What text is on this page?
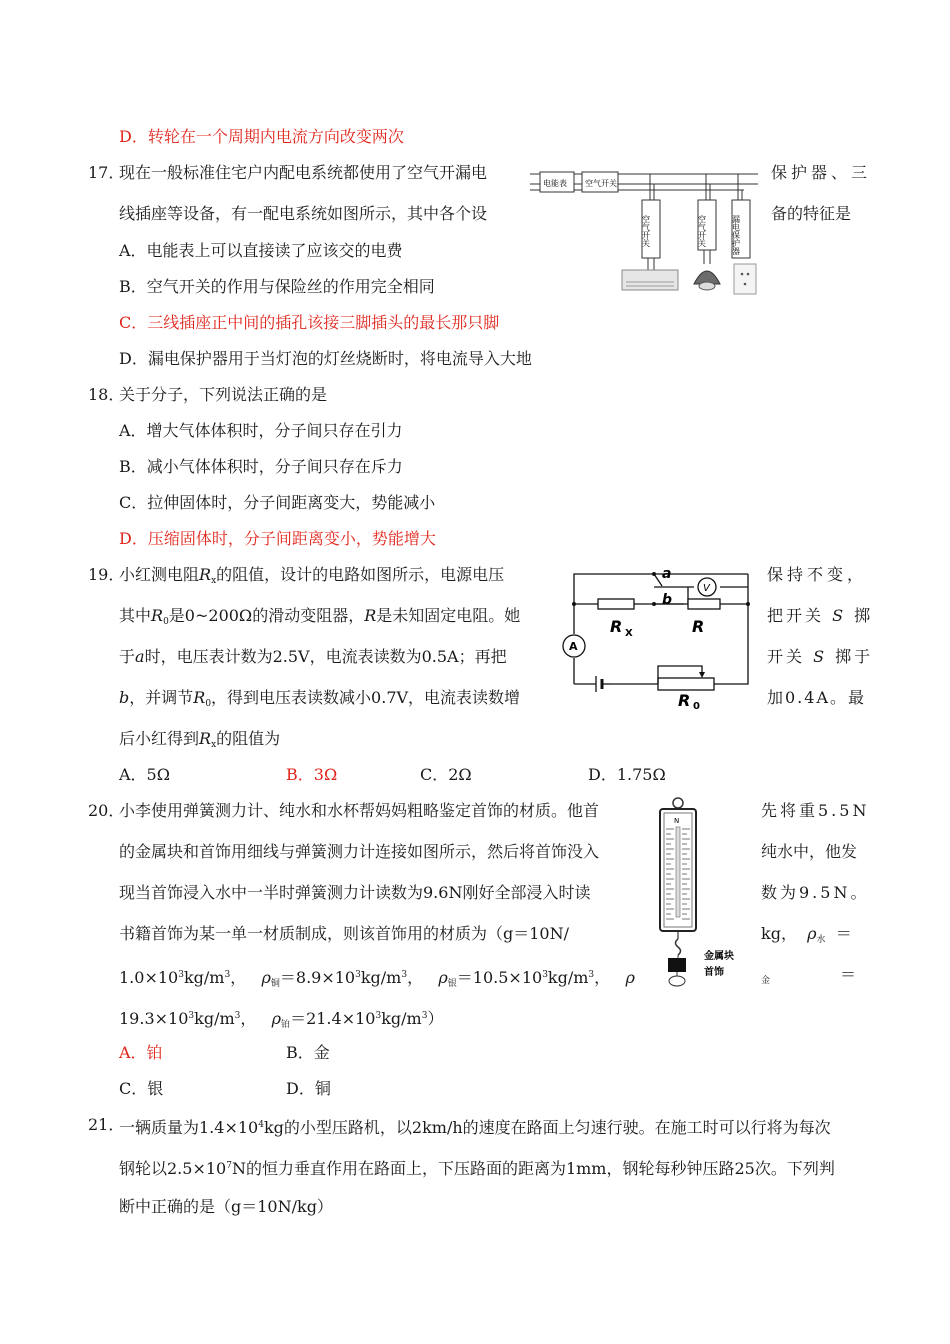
D．转轮在一个周期内电流方向改变两次
17．
现在一般标准住宅户内配电系统都使用了空气开漏电	保护器、三
线插座等设备，有一配电系统如图所示，其中各个设	备的特征是
A．电能表上可以直接读了应该交的电费
B．空气开关的作用与保险丝的作用完全相同
C．三线插座正中间的插孔该接三脚插头的最长那只脚
D．漏电保护器用于当灯泡的灯丝烧断时，将电流导入大地
电能表 空气开关
空气开关	空气开关	漏电保护器
18．
关于分子，下列说法正确的是
A．增大气体体积时，分子间只存在引力
B．减小气体体积时，分子间只存在斥力
C．拉伸固体时，分子间距离变大，势能减小
D．压缩固体时，分子间距离变小，势能增大
19．
小红测电阻$R_x$的阻值，设计的电路如图所示，电源电压	保持不变，
其中$R_0$是0~200Ω的滑动变阻器，R是未知固定电阻。她	把开关 S 掷
于a时，电压表计数为2.5V，电流表读数为0.5A；再把	开关 S 掷于
b，并调节$R_0$，得到电压表读数减小0.7V，电流表读数增	加0.4A。最
后小红得到$R_x$的阻值为
A．5Ω	B．3Ω	C．2Ω	D．1.75Ω
V
A
a
b
R X	R
R 0
20．
小李使用弹簧测力计、纯水和水杯帮妈妈粗略鉴定首饰的材质。他首	先将重5.5N
的金属块和首饰用细线与弹簧测力计连接如图所示，然后将首饰没入	纯水中，他发
现当首饰浸入水中一半时弹簧测力计读数为9.6N刚好全部浸入时读	数为9.5N。
书籍首饰为某一单一材质制成，则该首饰用的材质为（g＝10N/	kg， $\rho_水$ ＝
$1.0\times 10^3kg/m^3$， $\rho_铜=8.9\times 10^3kg/m^3$， $\rho_银=10.5\times 10^3kg/m^3$， ρ	$_金$	＝
$19.3\times 10^3kg/m^3$， $\rho_铂=21.4\times 10^3kg/m^3$）
A．铂	B．金
C．银	D．铜
N
金属块
首饰
21．
一辆质量为$1.4\times 10^4kg$的小型压路机，以2km/h的速度在路面上匀速行驶。在施工时可以行将为每次
钢轮以$2.5\times 10^7N$的恒力垂直作用在路面上，下压路面的距离为1mm，钢轮每秒钟压路25次。下列判
断中正确的是（g＝10N/kg）
